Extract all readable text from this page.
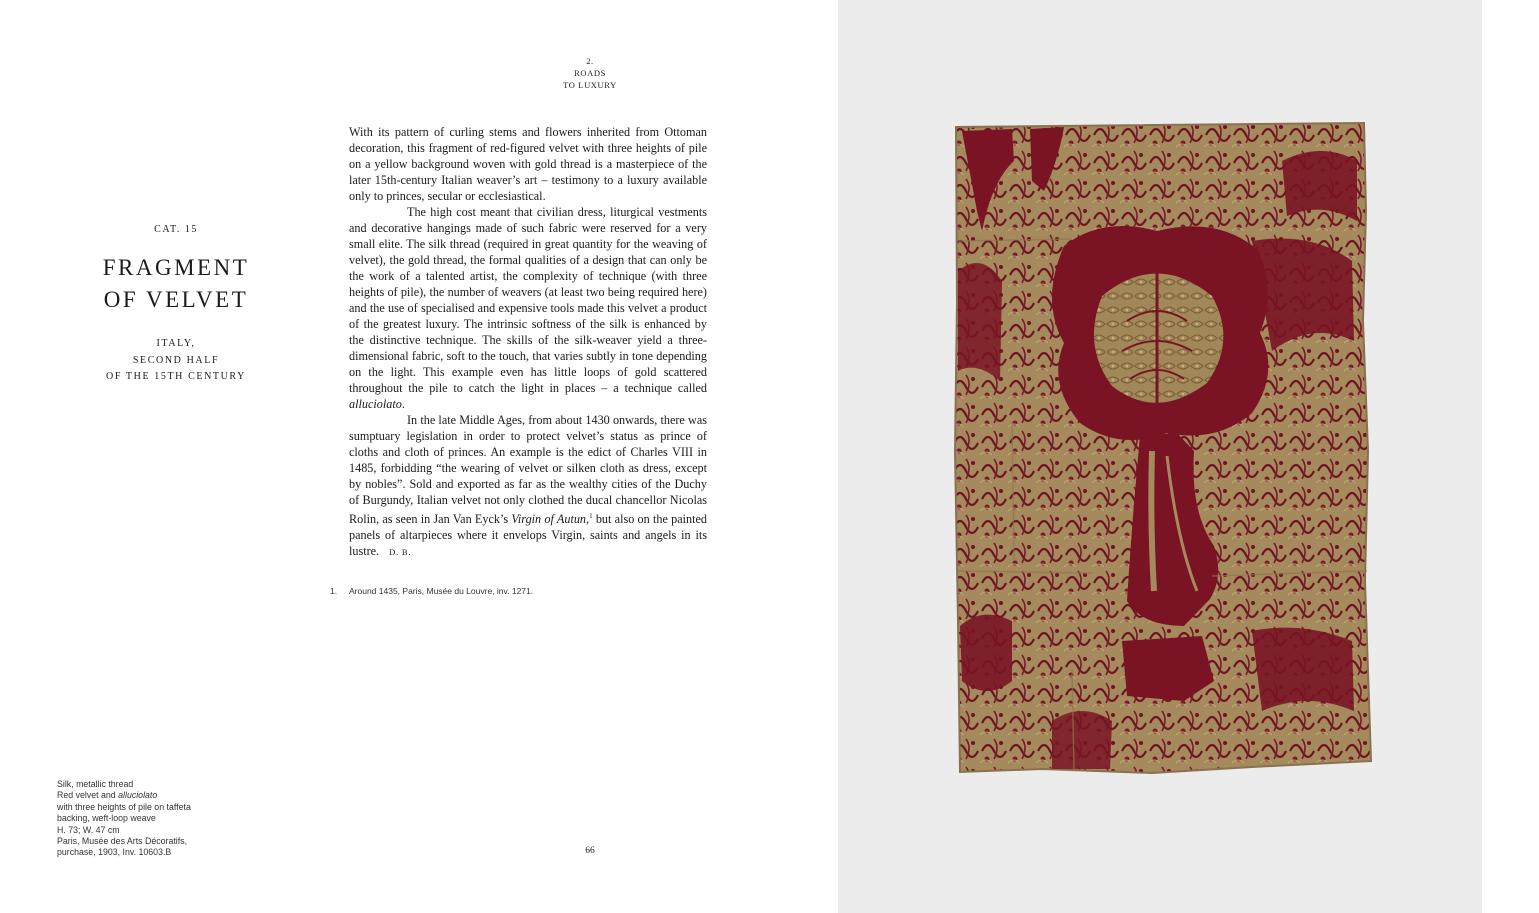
2.
ROADS
TO LUXURY
CAT. 15
FRAGMENT
OF VELVET
ITALY,
SECOND HALF
OF THE 15TH CENTURY

With its pattern of curling stems and flowers inherited from Ottoman decoration, this fragment of red-figured velvet with three heights of pile on a yellow background woven with gold thread is a masterpiece of the later 15th-century Italian weaver’s art – testimony to a luxury available only to princes, secular or ecclesiastical.

The high cost meant that civilian dress, liturgical vestments and decorative hangings made of such fabric were reserved for a very small elite. The silk thread (required in great quantity for the weaving of velvet), the gold thread, the formal qualities of a design that can only be the work of a talented artist, the complexity of technique (with three heights of pile), the number of weavers (at least two being required here) and the use of specialised and expensive tools made this velvet a product of the greatest luxury. The intrinsic softness of the silk is enhanced by the distinctive technique. The skills of the silk-weaver yield a three-dimensional fabric, soft to the touch, that varies subtly in tone depending on the light. This example even has little loops of gold scattered throughout the pile to catch the light in places – a technique called alluciolato.

In the late Middle Ages, from about 1430 onwards, there was sumptuary legislation in order to protect velvet’s status as prince of cloths and cloth of princes. An example is the edict of Charles VIII in 1485, forbidding “the wearing of velvet or silken cloth as dress, except by nobles”. Sold and exported as far as the wealthy cities of the Duchy of Burgundy, Italian velvet not only clothed the ducal chancellor Nicolas Rolin, as seen in Jan Van Eyck’s Virgin of Autun,$^1$ but also on the painted panels of altarpieces where it envelops Virgin, saints and angels in its lustre. D. B.

1. Around 1435, Paris, Musée du Louvre, inv. 1271.
Silk, metallic thread
Red velvet and alluciolato
with three heights of pile on taffeta
backing, weft-loop weave
H. 73; W. 47 cm
Paris, Musée des Arts Décoratifs,
purchase, 1903, Inv. 10603.B	66
